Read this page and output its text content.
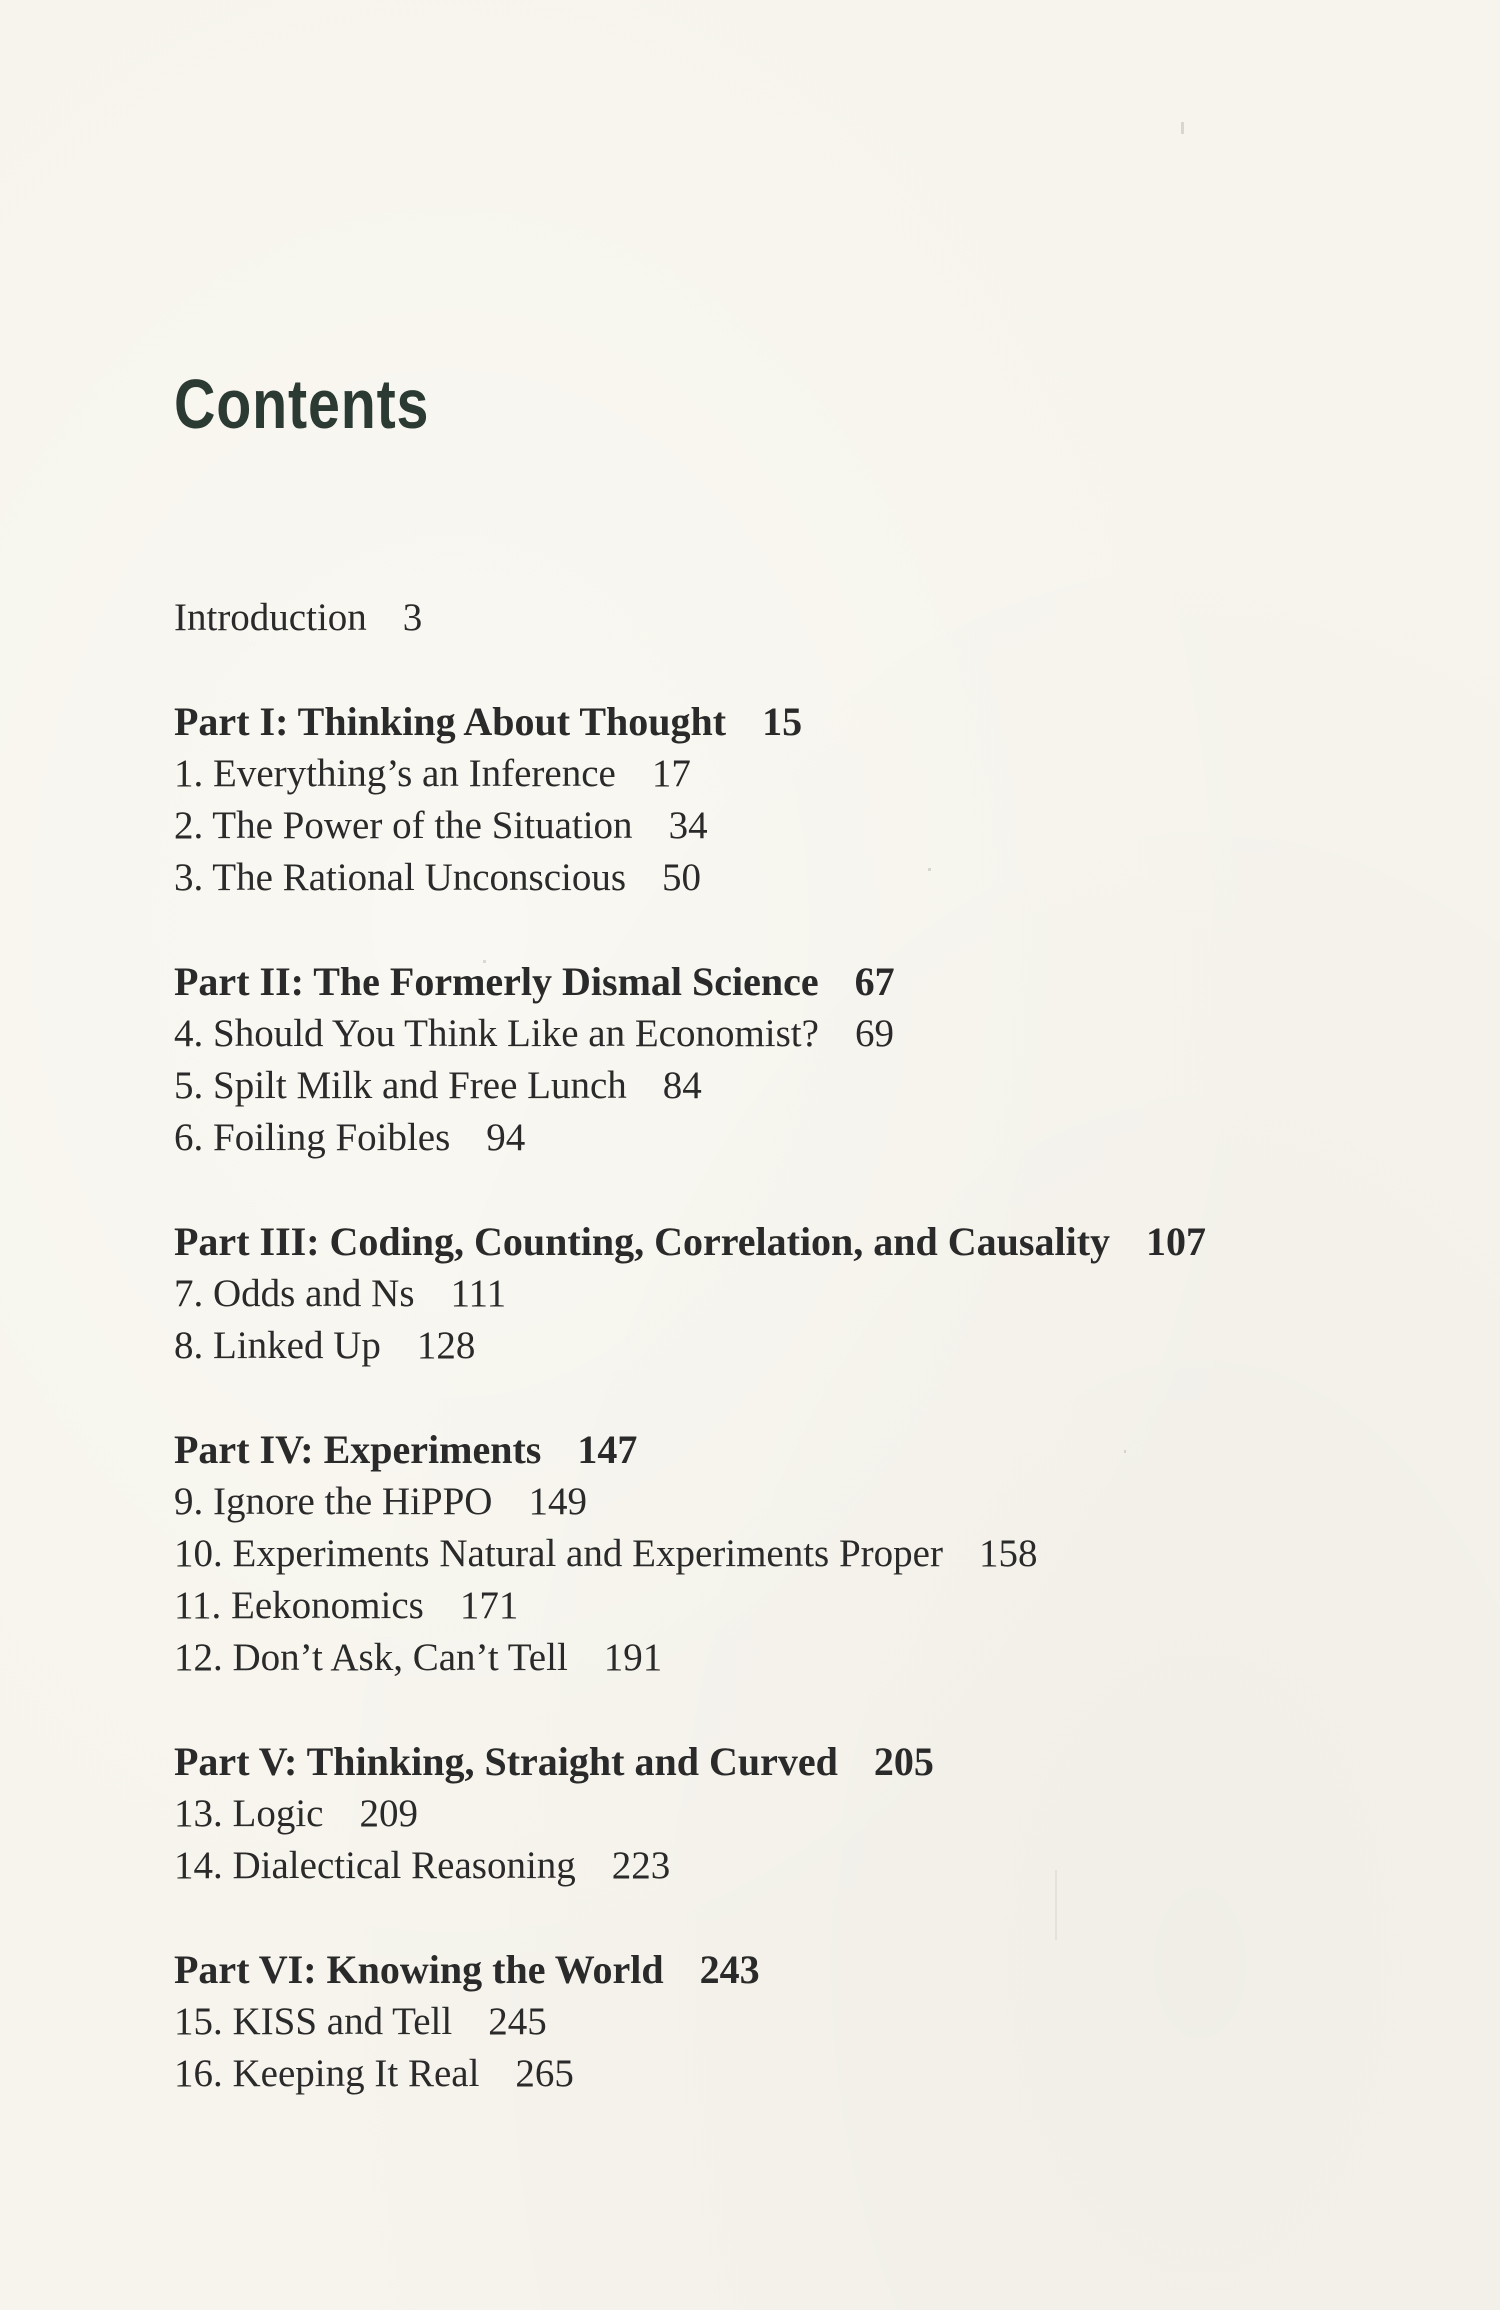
Contents
Introduction 3
Part I: Thinking About Thought 15
1. Everything’s an Inference 17
2. The Power of the Situation 34
3. The Rational Unconscious 50
Part II: The Formerly Dismal Science 67
4. Should You Think Like an Economist? 69
5. Spilt Milk and Free Lunch 84
6. Foiling Foibles 94
Part III: Coding, Counting, Correlation, and Causality 107
7. Odds and Ns 111
8. Linked Up 128
Part IV: Experiments 147
9. Ignore the HiPPO 149
10. Experiments Natural and Experiments Proper 158
11. Eekonomics 171
12. Don’t Ask, Can’t Tell 191
Part V: Thinking, Straight and Curved 205
13. Logic 209
14. Dialectical Reasoning 223
Part VI: Knowing the World 243
15. KISS and Tell 245
16. Keeping It Real 265
